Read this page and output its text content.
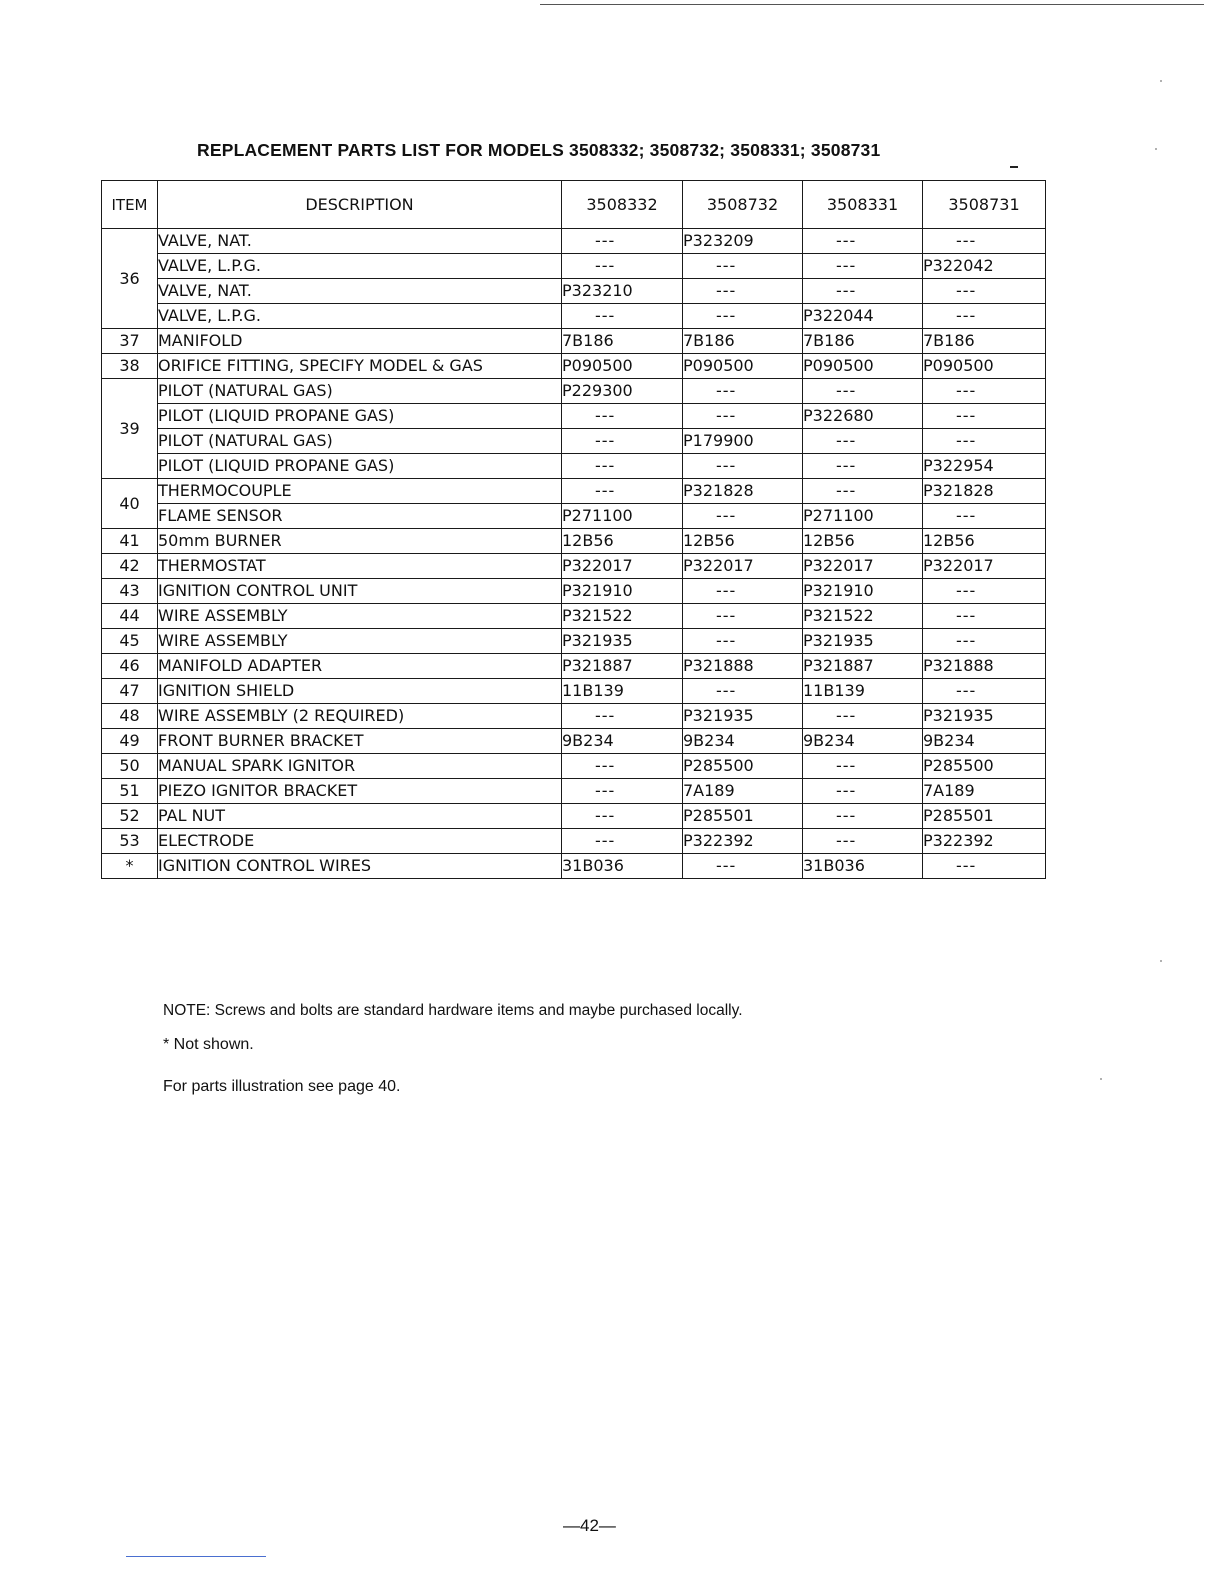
REPLACEMENT PARTS LIST FOR MODELS 3508332; 3508732; 3508331; 3508731
ITEM	DESCRIPTION	3508332	3508732	3508331	3508731
36	VALVE, NAT.	---	P323209	---	---
	VALVE, L.P.G.	---	---	---	P322042
	VALVE, NAT.	P323210	---	---	---
	VALVE, L.P.G.	---	---	P322044	---
37	MANIFOLD	7B186	7B186	7B186	7B186
38	ORIFICE FITTING, SPECIFY MODEL & GAS	P090500	P090500	P090500	P090500
39	PILOT (NATURAL GAS)	P229300	---	---	---
	PILOT (LIQUID PROPANE GAS)	---	---	P322680	---
	PILOT (NATURAL GAS)	---	P179900	---	---
	PILOT (LIQUID PROPANE GAS)	---	---	---	P322954
40	THERMOCOUPLE	---	P321828	---	P321828
	FLAME SENSOR	P271100	---	P271100	---
41	50mm BURNER	12B56	12B56	12B56	12B56
42	THERMOSTAT	P322017	P322017	P322017	P322017
43	IGNITION CONTROL UNIT	P321910	---	P321910	---
44	WIRE ASSEMBLY	P321522	---	P321522	---
45	WIRE ASSEMBLY	P321935	---	P321935	---
46	MANIFOLD ADAPTER	P321887	P321888	P321887	P321888
47	IGNITION SHIELD	11B139	---	11B139	---
48	WIRE ASSEMBLY (2 REQUIRED)	---	P321935	---	P321935
49	FRONT BURNER BRACKET	9B234	9B234	9B234	9B234
50	MANUAL SPARK IGNITOR	---	P285500	---	P285500
51	PIEZO IGNITOR BRACKET	---	7A189	---	7A189
52	PAL NUT	---	P285501	---	P285501
53	ELECTRODE	---	P322392	---	P322392
*	IGNITION CONTROL WIRES	31B036	---	31B036	---

NOTE: Screws and bolts are standard hardware items and maybe purchased locally.

* Not shown.

For parts illustration see page 40.

—42—
